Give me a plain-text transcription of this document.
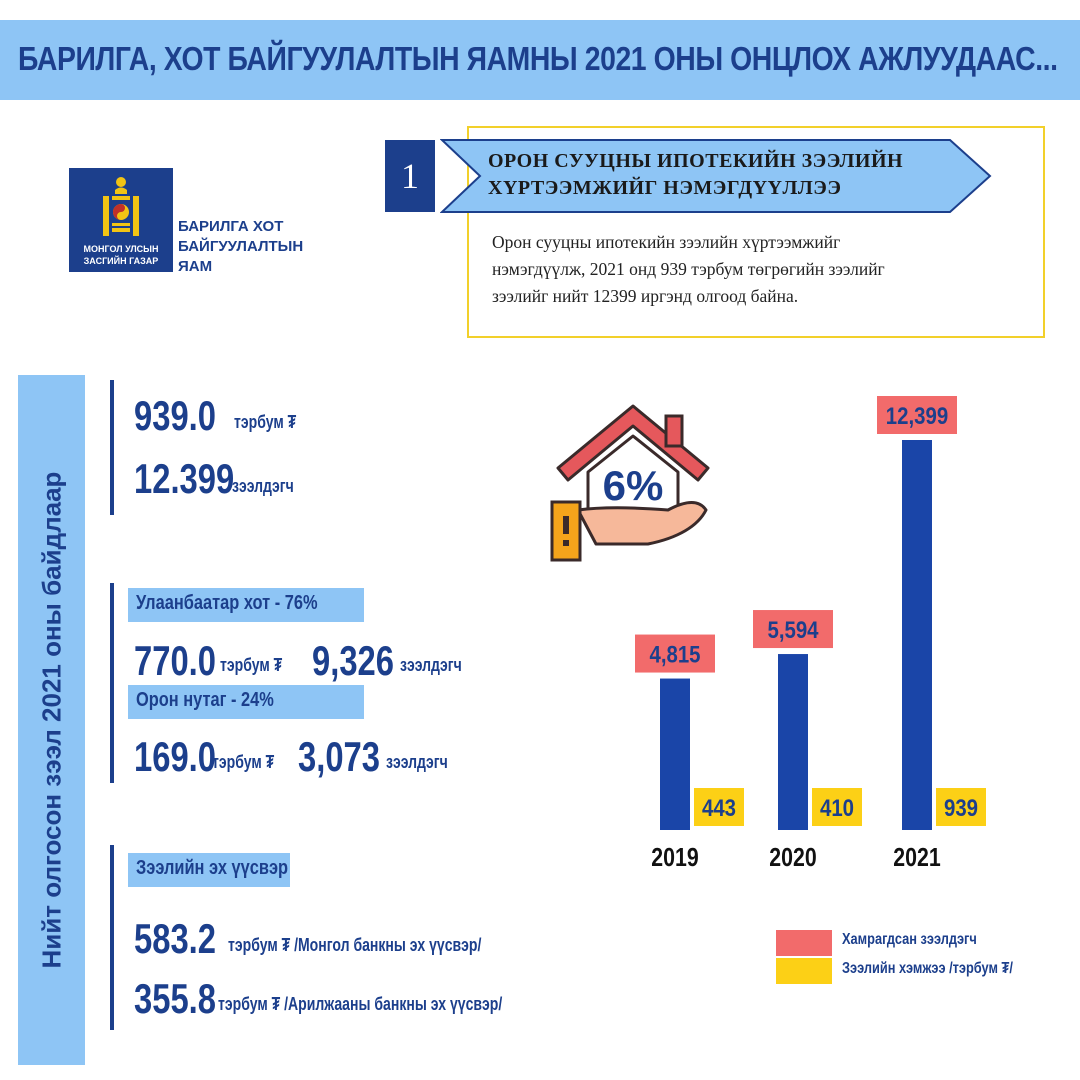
БАРИЛГА, ХОТ БАЙГУУЛАЛТЫН ЯАМНЫ 2021 ОНЫ ОНЦЛОХ АЖЛУУДААС...
МОНГОЛ УЛСЫН
ЗАСГИЙН ГАЗАР
БАРИЛГА ХОТ
БАЙГУУЛАЛТЫН
ЯАМ
1	ОРОН СУУЦНЫ ИПОТЕКИЙН ЗЭЭЛИЙН
ХҮРТЭЭМЖИЙГ НЭМЭГДҮҮЛЛЭЭ
Орон сууцны ипотекийн зээлийн хүртээмжийг
нэмэгдүүлж, 2021 онд 939 тэрбум төгрөгийн зээлийг
зээлийг нийт 12399 иргэнд олгоод байна.
Нийт олгосон зээл 2021 оны байдлаар
939.0	тэрбум ₮
12.399
зээлдэгч
Улаанбаатар хот - 76%
770.0 тэрбум ₮ 9,326 зээлдэгч
Орон нутаг - 24%
169.0
тэрбум ₮ 3,073 зээлдэгч
Зээлийн эх үүсвэр
583.2 тэрбум ₮ /Монгол банкны эх үүсвэр/
355.8 тэрбум ₮ /Арилжааны банкны эх үүсвэр/
6%
4,815
443
2019
5,594
410
2020
12,399
939
2021
Хамрагдсан зээлдэгч
Зээлийн хэмжээ /тэрбум ₮/
